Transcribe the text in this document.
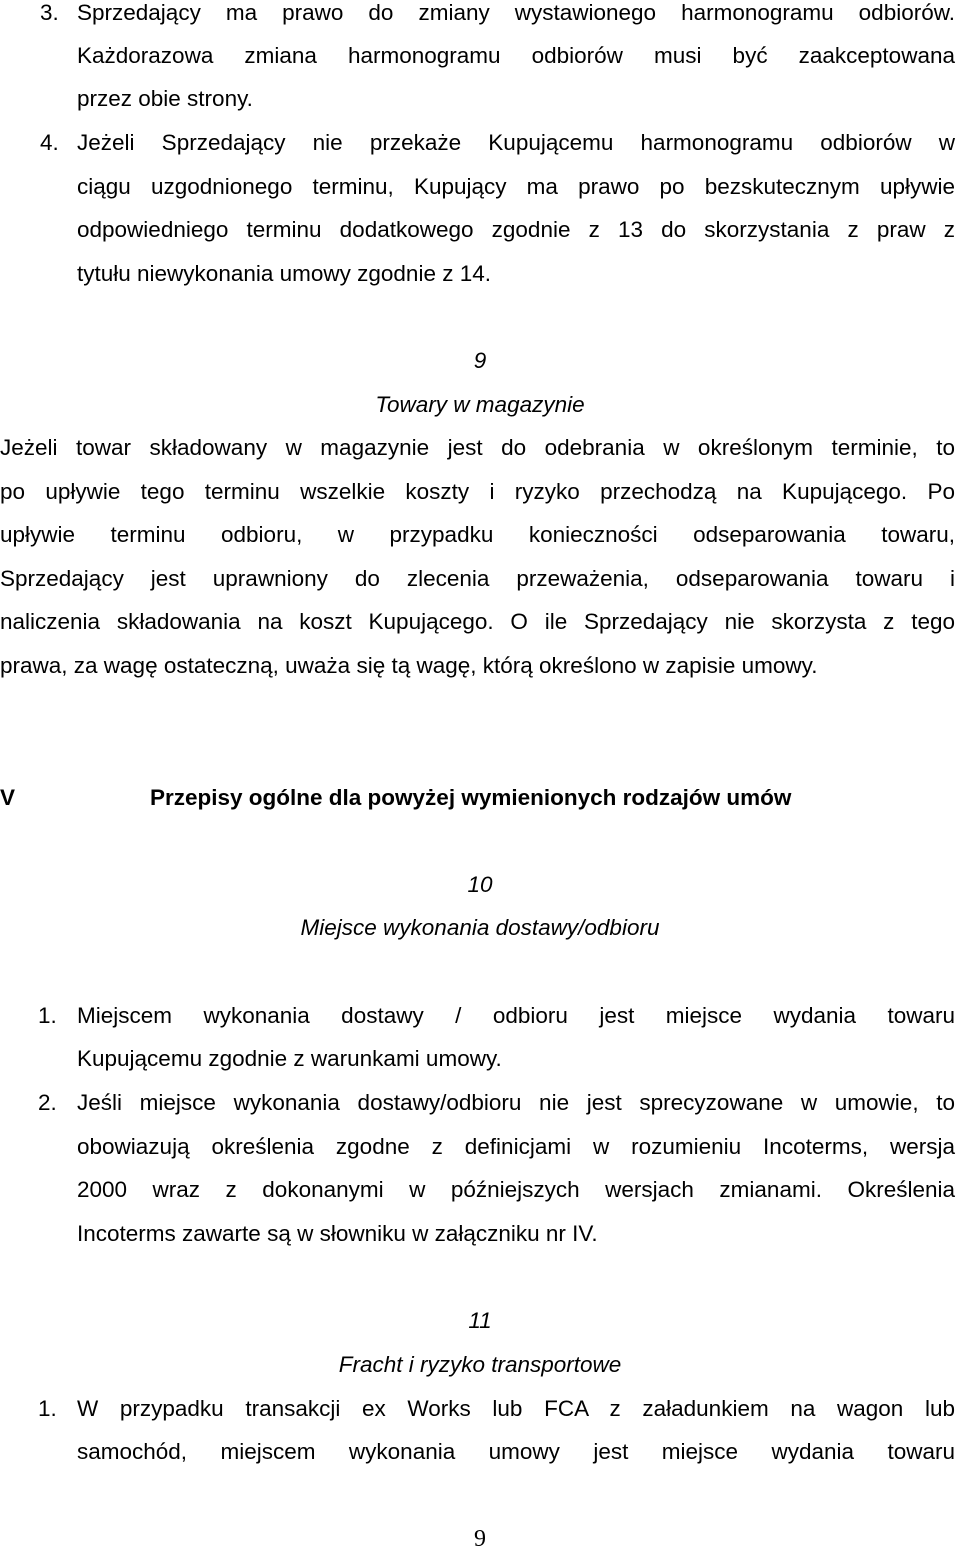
3. Sprzedający ma prawo do zmiany wystawionego harmonogramu odbiorów.

Każdorazowa zmiana harmonogramu odbiorów musi być zaakceptowana

przez obie strony.

4. Jeżeli Sprzedający nie przekaże Kupującemu harmonogramu odbiorów w

ciągu uzgodnionego terminu, Kupujący ma prawo po bezskutecznym upływie

odpowiedniego terminu dodatkowego zgodnie z 13 do skorzystania z praw z

tytułu niewykonania umowy zgodnie z 14.

9

Towary w magazynie

Jeżeli towar składowany w magazynie jest do odebrania w określonym terminie, to

po upływie tego terminu wszelkie koszty i ryzyko przechodzą na Kupującego. Po

upływie terminu odbioru, w przypadku konieczności odseparowania towaru,

Sprzedający jest uprawniony do zlecenia przeważenia, odseparowania towaru i

naliczenia składowania na koszt Kupującego. O ile Sprzedający nie skorzysta z tego

prawa, za wagę ostateczną, uważa się tą wagę, którą określono w zapisie umowy.

V	Przepisy ogólne dla powyżej wymienionych rodzajów umów

10

Miejsce wykonania dostawy/odbioru

1. Miejscem wykonania dostawy / odbioru jest miejsce wydania towaru

Kupującemu zgodnie z warunkami umowy.

2. Jeśli miejsce wykonania dostawy/odbioru nie jest sprecyzowane w umowie, to

obowiazują określenia zgodne z definicjami w rozumieniu Incoterms, wersja

2000 wraz z dokonanymi w późniejszych wersjach zmianami. Określenia

Incoterms zawarte są w słowniku w załączniku nr IV.

11

Fracht i ryzyko transportowe

1. W przypadku transakcji ex Works lub FCA z załadunkiem na wagon lub

samochód, miejscem wykonania umowy jest miejsce wydania towaru

9
